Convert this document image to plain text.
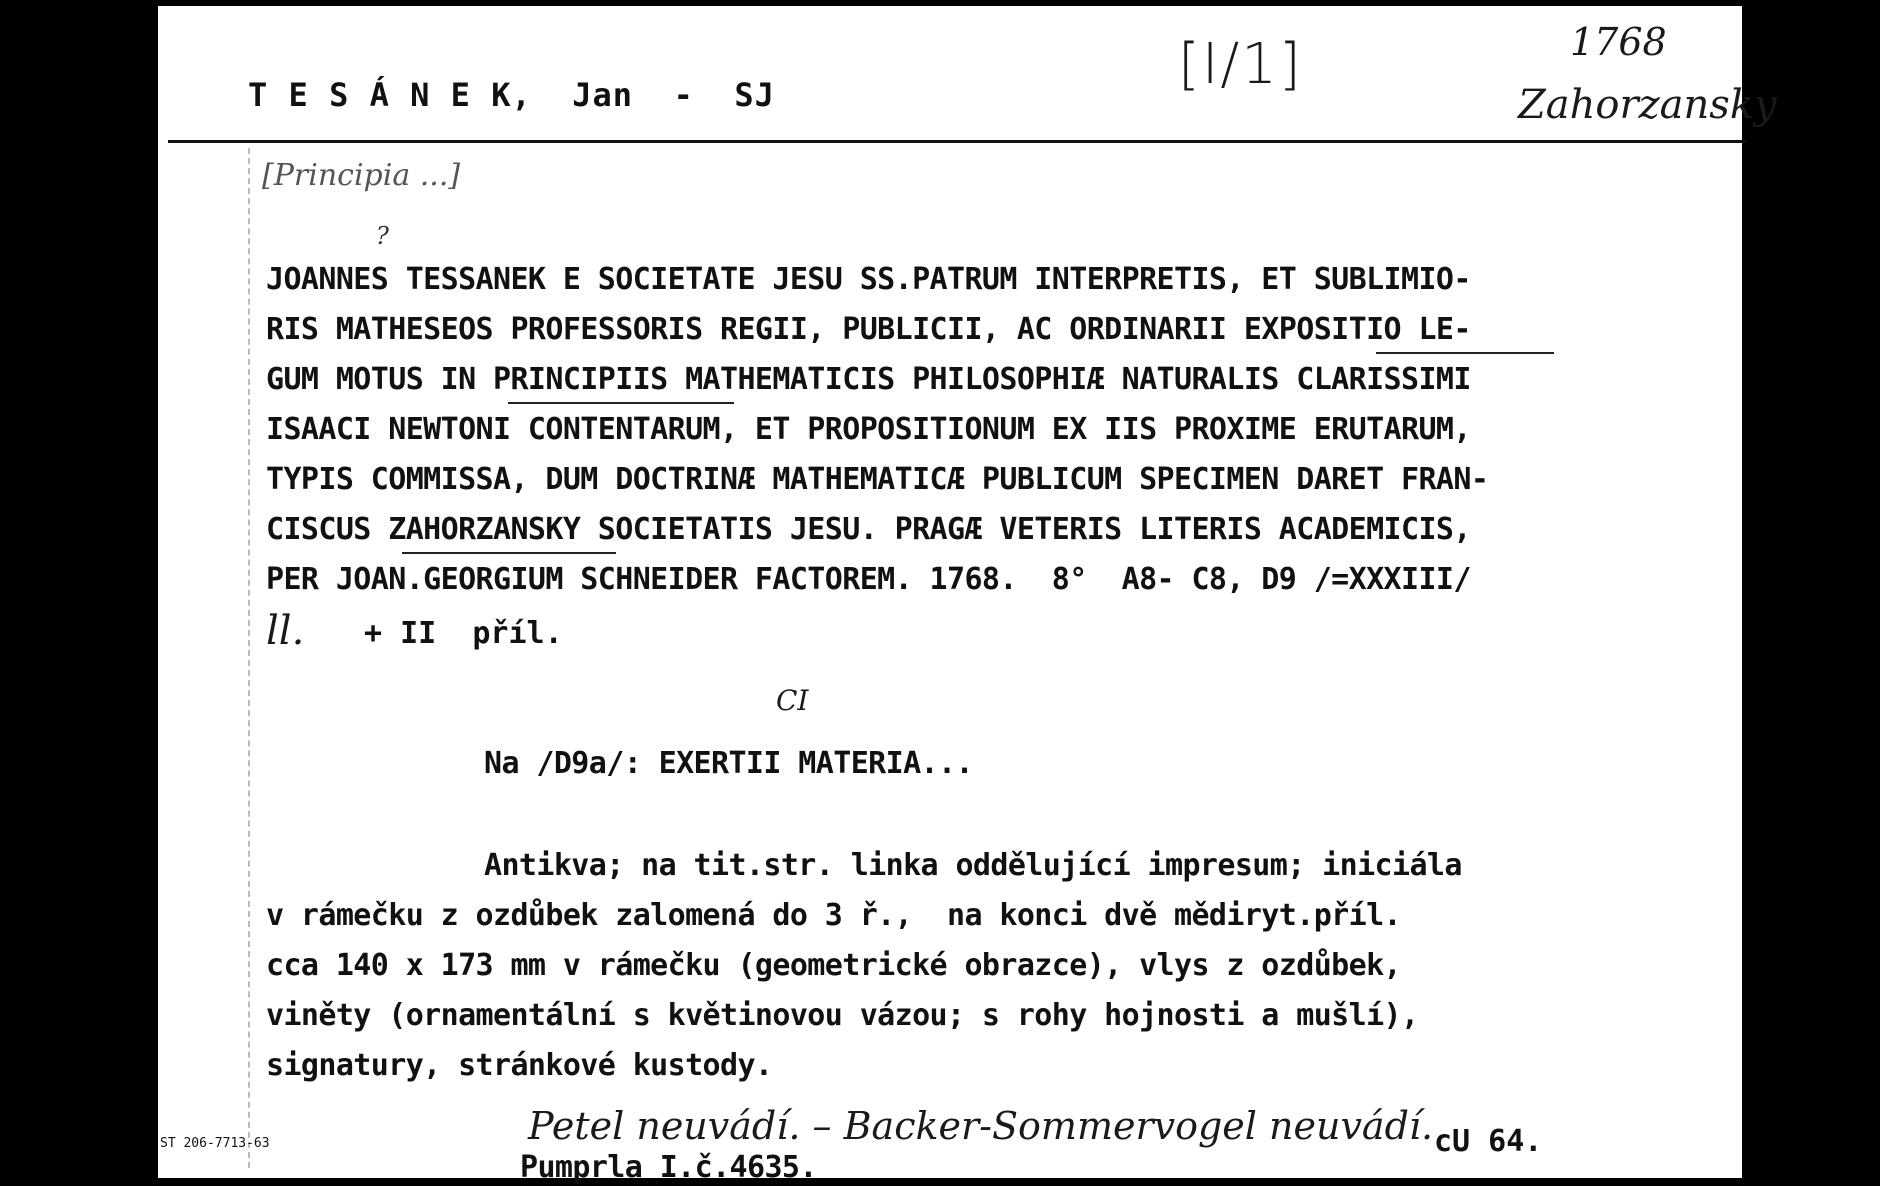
T E S Á N E K,  Jan  -  SJ	[I/1]	1768
Zahorzansky
[Principia ...]
?
JOANNES TESSANEK E SOCIETATE JESU SS.PATRUM INTERPRETIS, ET SUBLIMIO-
RIS MATHESEOS PROFESSORIS REGII, PUBLICII, AC ORDINARII EXPOSITIO LE-
GUM MOTUS IN PRINCIPIIS MATHEMATICIS PHILOSOPHIÆ NATURALIS CLARISSIMI
ISAACI NEWTONI CONTENTARUM, ET PROPOSITIONUM EX IIS PROXIME ERUTARUM,
TYPIS COMMISSA, DUM DOCTRINÆ MATHEMATICÆ PUBLICUM SPECIMEN DARET FRAN-
CISCUS ZAHORZANSKY SOCIETATIS JESU. PRAGÆ VETERIS LITERIS ACADEMICIS,
PER JOAN.GEORGIUM SCHNEIDER FACTOREM. 1768.  8°  A8- C8, D9 /=XXXIII/
ll. + II  příl.
CI
Na /D9a/: EXERTII MATERIA...
Antikva; na tit.str. linka oddělující impresum; iniciála
v rámečku z ozdůbek zalomená do 3 ř.,  na konci dvě mědiryt.příl.
cca 140 x 173 mm v rámečku (geometrické obrazce), vlys z ozdůbek,
viněty (ornamentální s květinovou vázou; s rohy hojnosti a mušlí),
signatury, stránkové kustody.
Petel neuvádí. – Backer-Sommervogel neuvádí. cU 64.
Pumprla I.č.4635.
ST 206-7713-63
